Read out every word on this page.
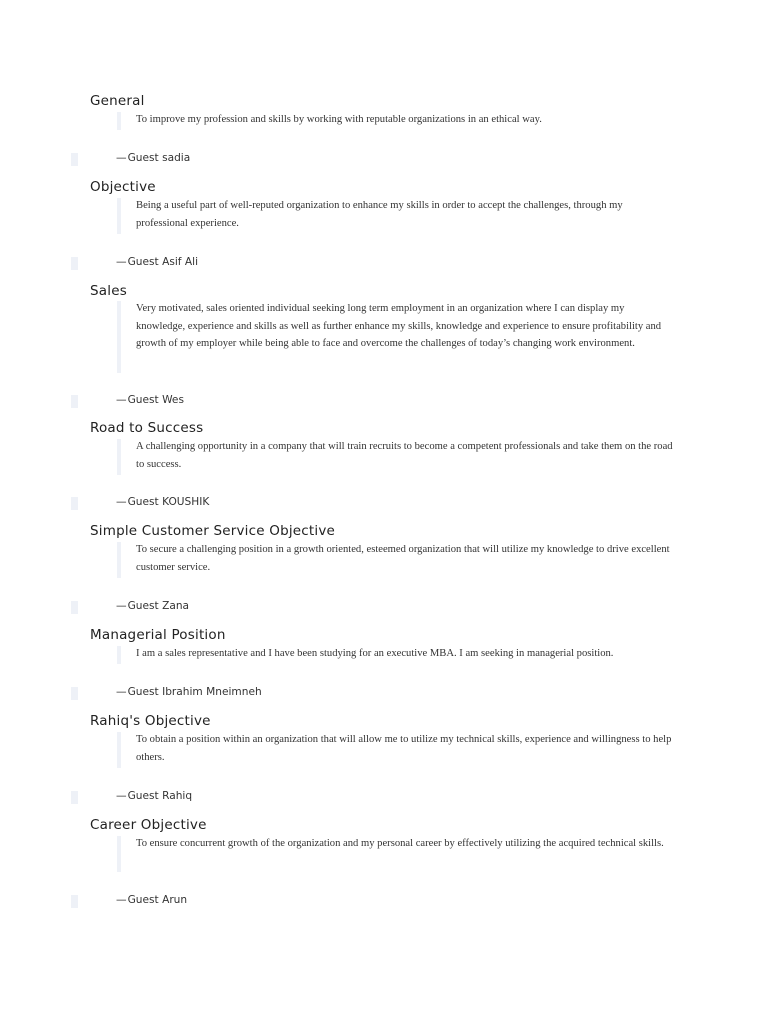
General

To improve my profession and skills by working with reputable organizations in an ethical way.

—Guest sadia

Objective

Being a useful part of well-reputed organization to enhance my skills in order to accept the challenges, through my professional experience.

—Guest Asif Ali

Sales

Very motivated, sales oriented individual seeking long term employment in an organization where I can display my knowledge, experience and skills as well as further enhance my skills, knowledge and experience to ensure profitability and growth of my employer while being able to face and overcome the challenges of today’s changing work environment.

—Guest Wes

Road to Success

A challenging opportunity in a company that will train recruits to become a competent professionals and take them on the road to success.

—Guest KOUSHIK

Simple Customer Service Objective

To secure a challenging position in a growth oriented, esteemed organization that will utilize my knowledge to drive excellent customer service.

—Guest Zana

Managerial Position

I am a sales representative and I have been studying for an executive MBA. I am seeking in managerial position.

—Guest Ibrahim Mneimneh

Rahiq's Objective

To obtain a position within an organization that will allow me to utilize my technical skills, experience and willingness to help others.

—Guest Rahiq

Career Objective

To ensure concurrent growth of the organization and my personal career by effectively utilizing the acquired technical skills.

—Guest Arun
